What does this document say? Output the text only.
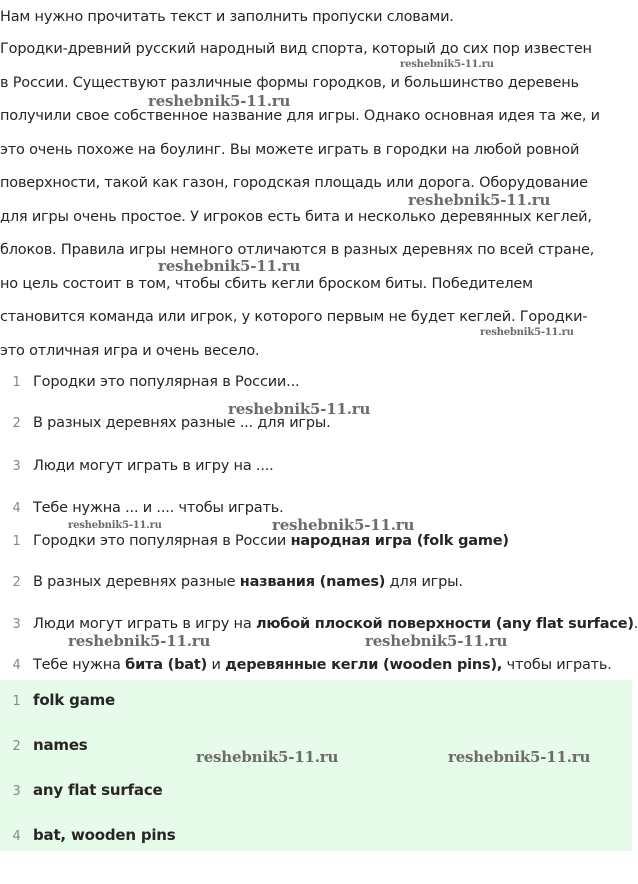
Нам нужно прочитать текст и заполнить пропуски словами.
Городки-древний русский народный вид спорта, который до сих пор известен
в России. Существуют различные формы городков, и большинство деревень
получили свое собственное название для игры. Однако основная идея та же, и
это очень похоже на боулинг. Вы можете играть в городки на любой ровной
поверхности, такой как газон, городская площадь или дорога. Оборудование
для игры очень простое. У игроков есть бита и несколько деревянных кеглей,
блоков. Правила игры немного отличаются в разных деревнях по всей стране,
но цель состоит в том, чтобы сбить кегли броском биты. Победителем
становится команда или игрок, у которого первым не будет кеглей. Городки-
это отличная игра и очень весело.
1 Городки это популярная в России...
2 В разных деревнях разные ... для игры.
3 Люди могут играть в игру на ....
4 Тебе нужна ... и .... чтобы играть.
1 Городки это популярная в России народная игра (folk game)
2 В разных деревнях разные названия (names) для игры.
3 Люди могут играть в игру на любой плоской поверхности (any flat surface).
4 Тебе нужна бита (bat) и деревянные кегли (wooden pins), чтобы играть.
1 folk game
2 names
3 any flat surface
4 bat, wooden pins
reshebnik5-11.ru
reshebnik5-11.ru
reshebnik5-11.ru
reshebnik5-11.ru
reshebnik5-11.ru
reshebnik5-11.ru
reshebnik5-11.ru	reshebnik5-11.ru
reshebnik5-11.ru	reshebnik5-11.ru
reshebnik5-11.ru	reshebnik5-11.ru
